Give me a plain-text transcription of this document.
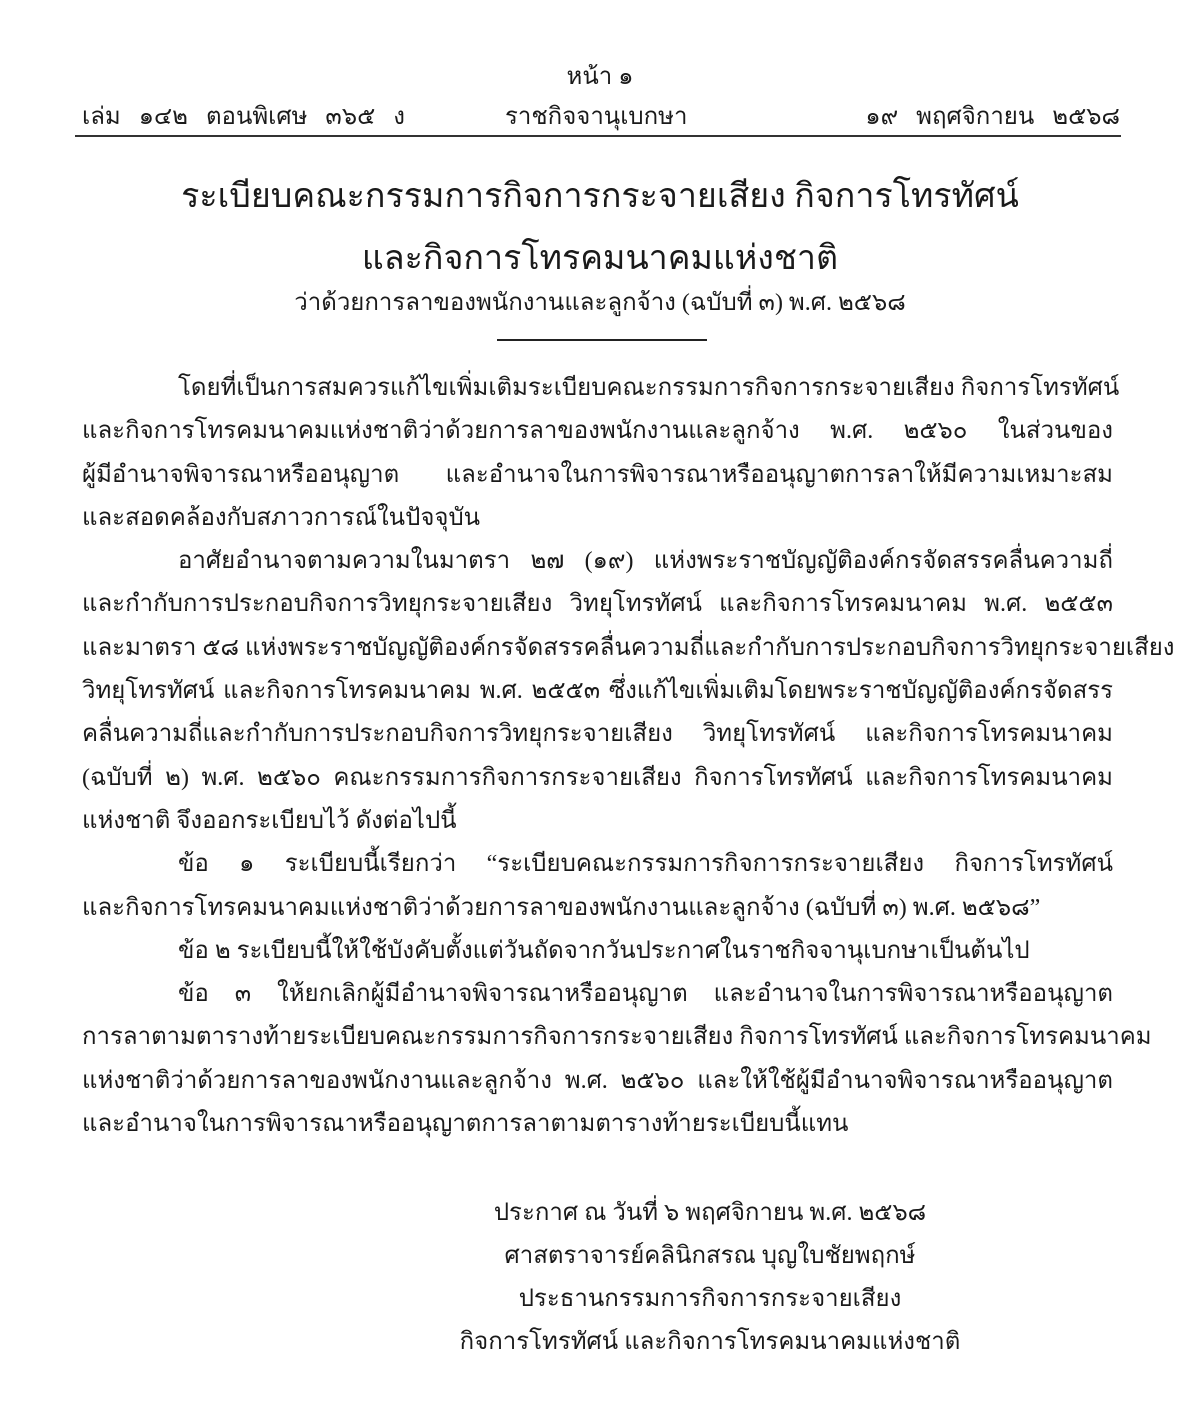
หน้า ๑
เล่ม ๑๔๒ ตอนพิเศษ ๓๖๕ ง	ราชกิจจานุเบกษา	๑๙ พฤศจิกายน ๒๕๖๘
ระเบียบคณะกรรมการกิจการกระจายเสียง กิจการโทรทัศน์
และกิจการโทรคมนาคมแห่งชาติ
ว่าด้วยการลาของพนักงานและลูกจ้าง (ฉบับที่ ๓) พ.ศ. ๒๕๖๘
โดยที่เป็นการสมควรแก้ไขเพิ่มเติมระเบียบคณะกรรมการกิจการกระจายเสียง กิจการโทรทัศน์
และกิจการโทรคมนาคมแห่งชาติว่าด้วยการลาของพนักงานและลูกจ้าง พ.ศ. ๒๕๖๐ ในส่วนของ
ผู้มีอำนาจพิจารณาหรืออนุญาต และอำนาจในการพิจารณาหรืออนุญาตการลาให้มีความเหมาะสม
และสอดคล้องกับสภาวการณ์ในปัจจุบัน
อาศัยอำนาจตามความในมาตรา ๒๗ (๑๙) แห่งพระราชบัญญัติองค์กรจัดสรรคลื่นความถี่
และกำกับการประกอบกิจการวิทยุกระจายเสียง วิทยุโทรทัศน์ และกิจการโทรคมนาคม พ.ศ. ๒๕๕๓
และมาตรา ๕๘ แห่งพระราชบัญญัติองค์กรจัดสรรคลื่นความถี่และกำกับการประกอบกิจการวิทยุกระจายเสียง
วิทยุโทรทัศน์ และกิจการโทรคมนาคม พ.ศ. ๒๕๕๓ ซึ่งแก้ไขเพิ่มเติมโดยพระราชบัญญัติองค์กรจัดสรร
คลื่นความถี่และกำกับการประกอบกิจการวิทยุกระจายเสียง วิทยุโทรทัศน์ และกิจการโทรคมนาคม
(ฉบับที่ ๒) พ.ศ. ๒๕๖๐ คณะกรรมการกิจการกระจายเสียง กิจการโทรทัศน์ และกิจการโทรคมนาคม
แห่งชาติ จึงออกระเบียบไว้ ดังต่อไปนี้
ข้อ ๑ ระเบียบนี้เรียกว่า “ระเบียบคณะกรรมการกิจการกระจายเสียง กิจการโทรทัศน์
และกิจการโทรคมนาคมแห่งชาติว่าด้วยการลาของพนักงานและลูกจ้าง (ฉบับที่ ๓) พ.ศ. ๒๕๖๘”
ข้อ ๒ ระเบียบนี้ให้ใช้บังคับตั้งแต่วันถัดจากวันประกาศในราชกิจจานุเบกษาเป็นต้นไป
ข้อ ๓ ให้ยกเลิกผู้มีอำนาจพิจารณาหรืออนุญาต และอำนาจในการพิจารณาหรืออนุญาต
การลาตามตารางท้ายระเบียบคณะกรรมการกิจการกระจายเสียง กิจการโทรทัศน์ และกิจการโทรคมนาคม
แห่งชาติว่าด้วยการลาของพนักงานและลูกจ้าง พ.ศ. ๒๕๖๐ และให้ใช้ผู้มีอำนาจพิจารณาหรืออนุญาต
และอำนาจในการพิจารณาหรืออนุญาตการลาตามตารางท้ายระเบียบนี้แทน
ประกาศ ณ วันที่ ๖ พฤศจิกายน พ.ศ. ๒๕๖๘
ศาสตราจารย์คลินิกสรณ บุญใบชัยพฤกษ์
ประธานกรรมการกิจการกระจายเสียง
กิจการโทรทัศน์ และกิจการโทรคมนาคมแห่งชาติ
